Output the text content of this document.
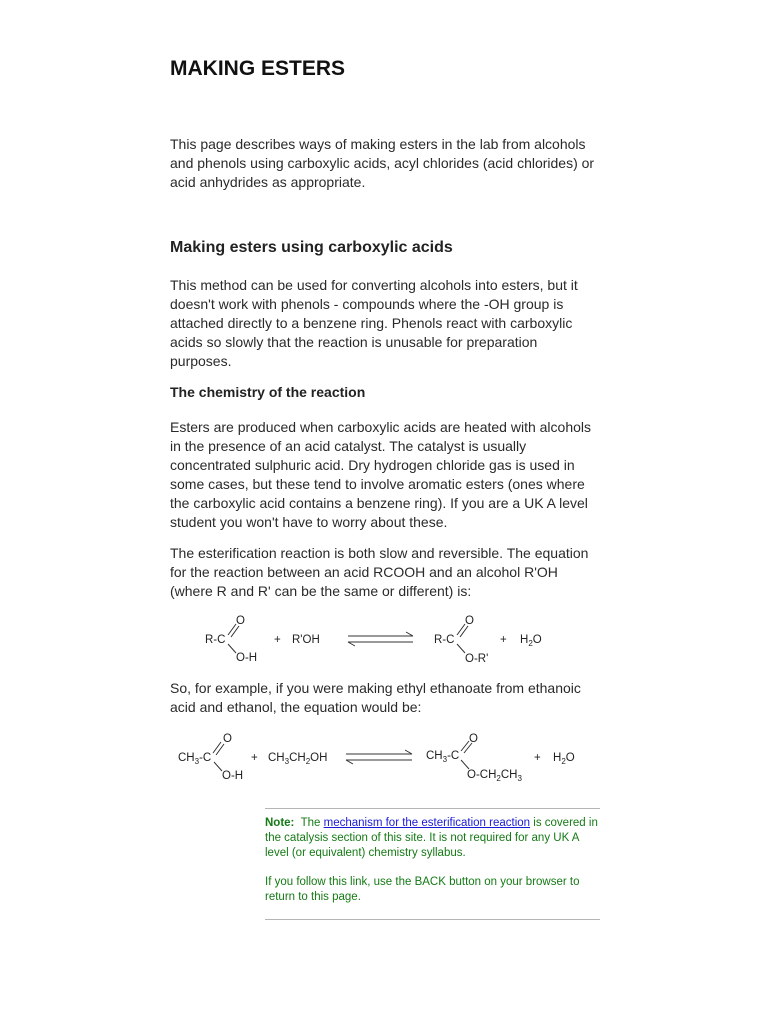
MAKING ESTERS

This page describes ways of making esters in the lab from alcohols and phenols using carboxylic acids, acyl chlorides (acid chlorides) or acid anhydrides as appropriate.

Making esters using carboxylic acids

This method can be used for converting alcohols into esters, but it doesn't work with phenols - compounds where the -OH group is attached directly to a benzene ring. Phenols react with carboxylic acids so slowly that the reaction is unusable for preparation purposes.

The chemistry of the reaction

Esters are produced when carboxylic acids are heated with alcohols in the presence of an acid catalyst. The catalyst is usually concentrated sulphuric acid. Dry hydrogen chloride gas is used in some cases, but these tend to involve aromatic esters (ones where the carboxylic acid contains a benzene ring). If you are a UK A level student you won't have to worry about these.

The esterification reaction is both slow and reversible. The equation for the reaction between an acid RCOOH and an alcohol R'OH (where R and R' can be the same or different) is:

R-C
O
O-H
+ R'OH	R-C
O
O-R'
+ $H_2O$

So, for example, if you were making ethyl ethanoate from ethanoic acid and ethanol, the equation would be:

$CH_3-C$
O
O-H
+ $CH_3CH_2OH$	$CH_3-C$
O
$O-CH_2CH_3$
+ $H_2O$

Note: The mechanism for the esterification reaction is covered in the catalysis section of this site. It is not required for any UK A level (or equivalent) chemistry syllabus.

If you follow this link, use the BACK button on your browser to return to this page.
